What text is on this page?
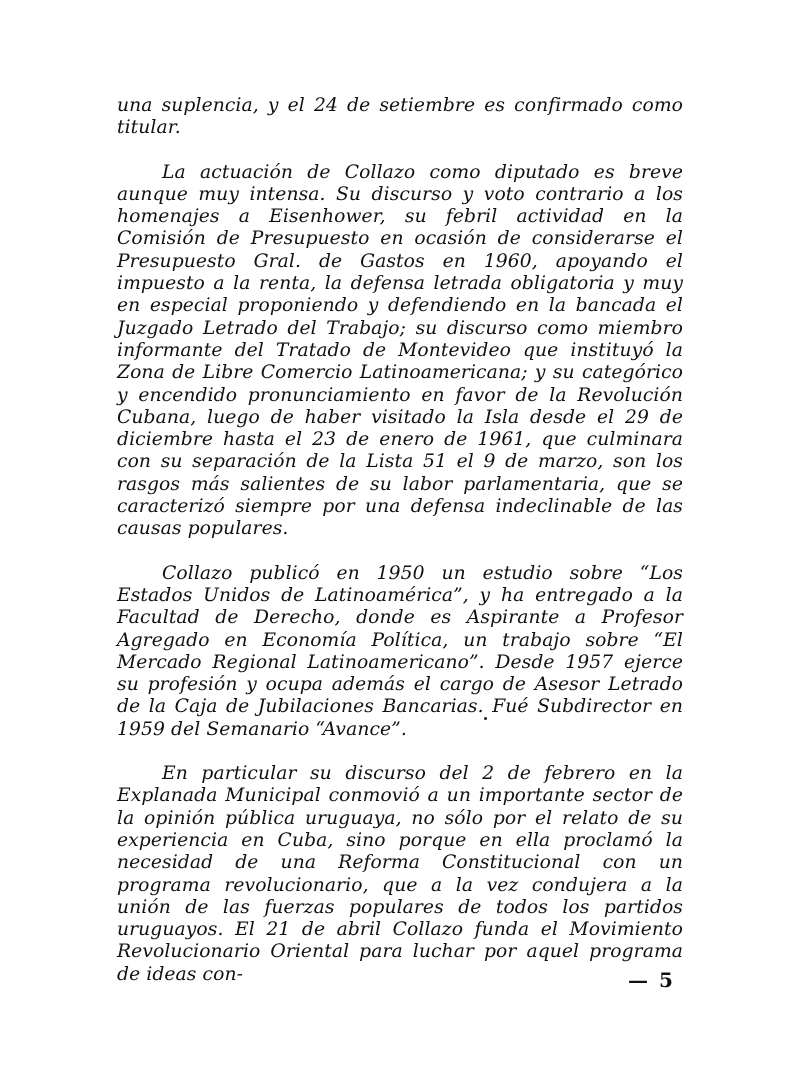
una suplencia, y el 24 de setiembre es confirmado como titular.

La actuación de Collazo como diputado es breve aunque muy intensa. Su discurso y voto contrario a los homenajes a Eisenhower, su febril actividad en la Comisión de Presupuesto en ocasión de considerarse el Presupuesto Gral. de Gastos en 1960, apoyando el impuesto a la renta, la defensa letrada obligatoria y muy en especial proponiendo y defendiendo en la bancada el Juzgado Letrado del Trabajo; su discurso como miembro informante del Tratado de Montevideo que instituyó la Zona de Libre Comercio Latinoamericana; y su categórico y encendido pronunciamiento en favor de la Revolución Cubana, luego de haber visitado la Isla desde el 29 de diciembre hasta el 23 de enero de 1961, que culminara con su separación de la Lista 51 el 9 de marzo, son los rasgos más salientes de su labor parlamentaria, que se caracterizó siempre por una defensa indeclinable de las causas populares.

Collazo publicó en 1950 un estudio sobre “Los Estados Unidos de Latinoamérica”, y ha entregado a la Facultad de Derecho, donde es Aspirante a Profesor Agregado en Economía Política, un trabajo sobre “El Mercado Regional Latinoamericano”. Desde 1957 ejerce su profesión y ocupa además el cargo de Asesor Letrado de la Caja de Jubilaciones Bancarias. Fué Subdirector en 1959 del Semanario “Avance”.

En particular su discurso del 2 de febrero en la Explanada Municipal conmovió a un importante sector de la opinión pública uruguaya, no sólo por el relato de su experiencia en Cuba, sino porque en ella proclamó la necesidad de una Reforma Constitucional con un programa revolucionario, que a la vez condujera a la unión de las fuerzas populares de todos los partidos uruguayos. El 21 de abril Collazo funda el Movimiento Revolucionario Oriental para luchar por aquel programa de ideas con-	— 5
